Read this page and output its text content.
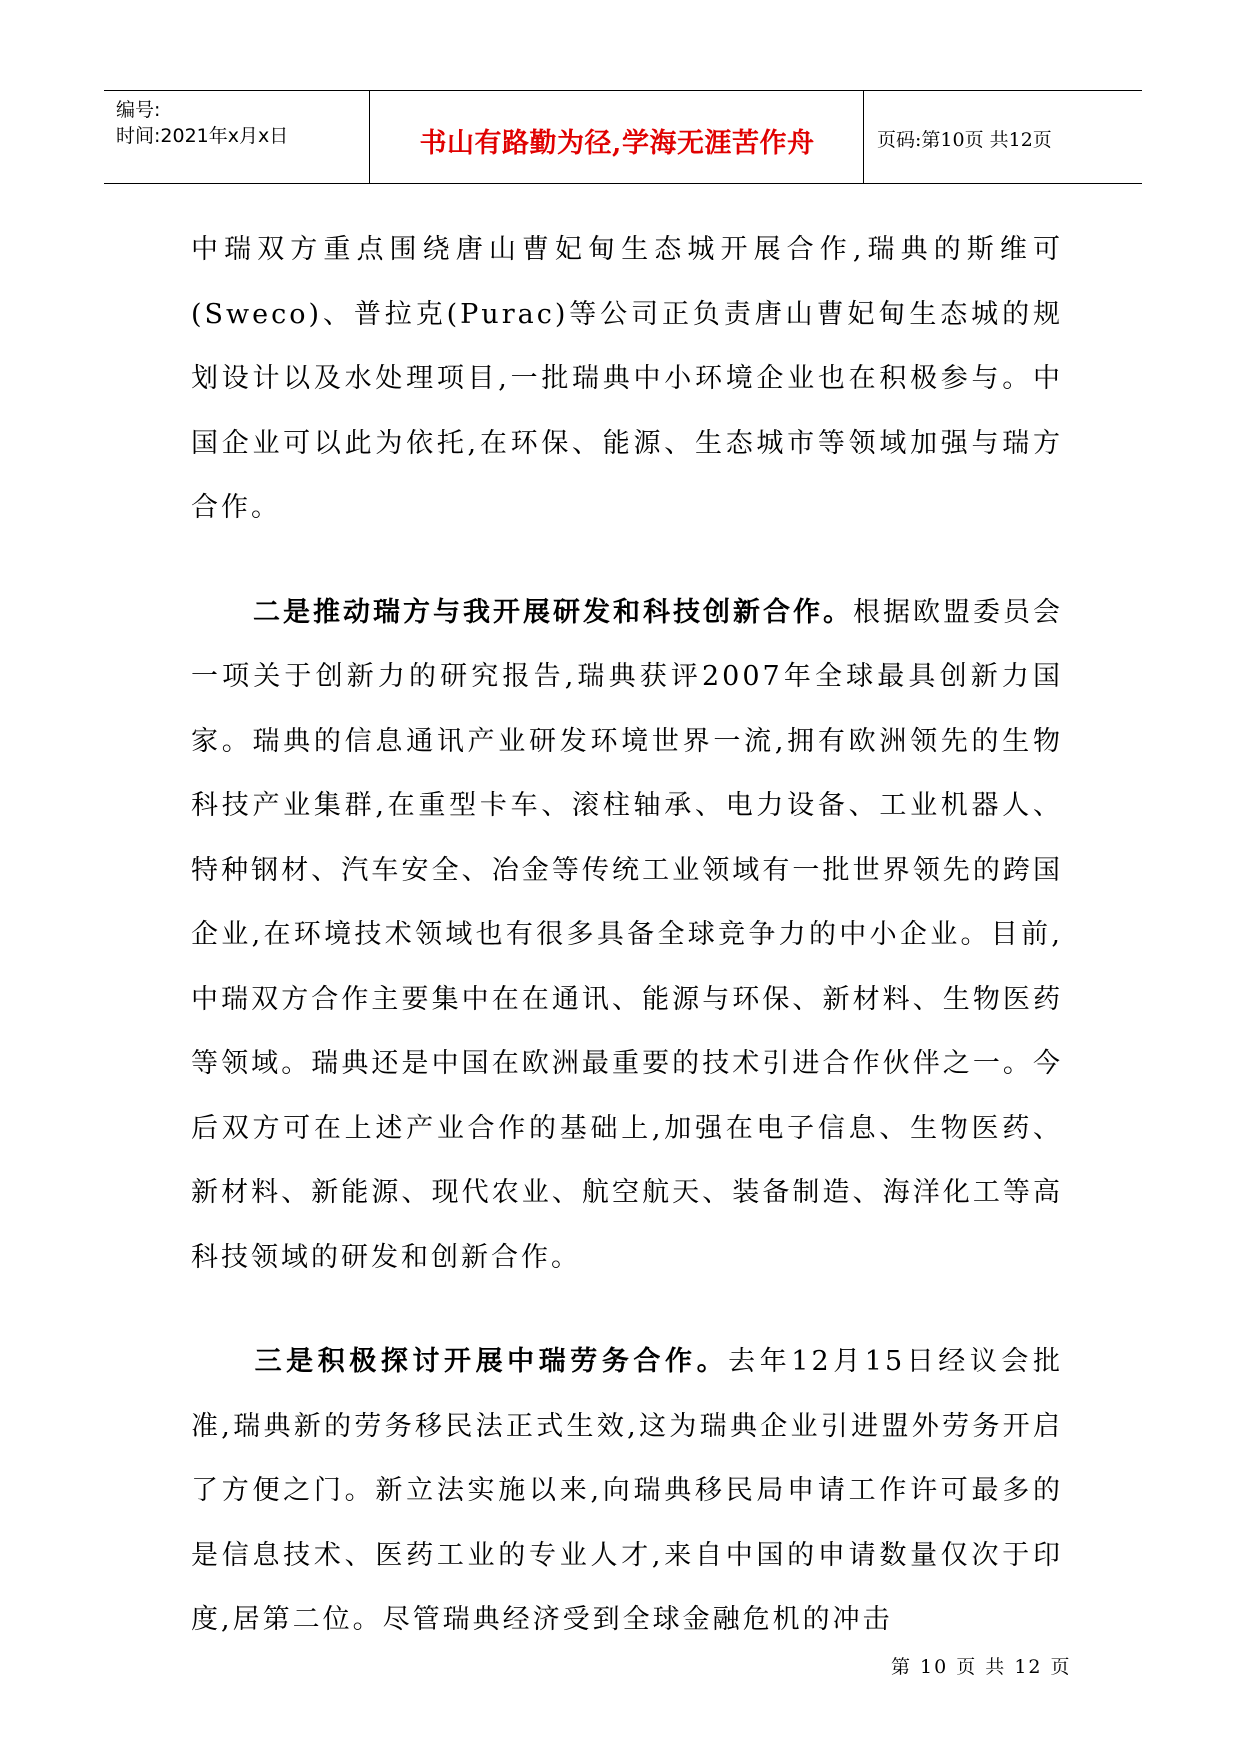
编号:
时间:2021年x月x日	书山有路勤为径,学海无涯苦作舟	页码:第10页 共12页

中瑞双方重点围绕唐山曹妃甸生态城开展合作,瑞典的斯维可(Sweco)、普拉克(Purac)等公司正负责唐山曹妃甸生态城的规划设计以及水处理项目,一批瑞典中小环境企业也在积极参与。中国企业可以此为依托,在环保、能源、生态城市等领域加强与瑞方合作。

二是推动瑞方与我开展研发和科技创新合作。根据欧盟委员会一项关于创新力的研究报告,瑞典获评2007年全球最具创新力国家。瑞典的信息通讯产业研发环境世界一流,拥有欧洲领先的生物科技产业集群,在重型卡车、滚柱轴承、电力设备、工业机器人、特种钢材、汽车安全、冶金等传统工业领域有一批世界领先的跨国企业,在环境技术领域也有很多具备全球竞争力的中小企业。目前,中瑞双方合作主要集中在在通讯、能源与环保、新材料、生物医药等领域。瑞典还是中国在欧洲最重要的技术引进合作伙伴之一。今后双方可在上述产业合作的基础上,加强在电子信息、生物医药、新材料、新能源、现代农业、航空航天、装备制造、海洋化工等高科技领域的研发和创新合作。

三是积极探讨开展中瑞劳务合作。去年12月15日经议会批准,瑞典新的劳务移民法正式生效,这为瑞典企业引进盟外劳务开启了方便之门。新立法实施以来,向瑞典移民局申请工作许可最多的是信息技术、医药工业的专业人才,来自中国的申请数量仅次于印度,居第二位。尽管瑞典经济受到全球金融危机的冲击

第 10 页 共 12 页
